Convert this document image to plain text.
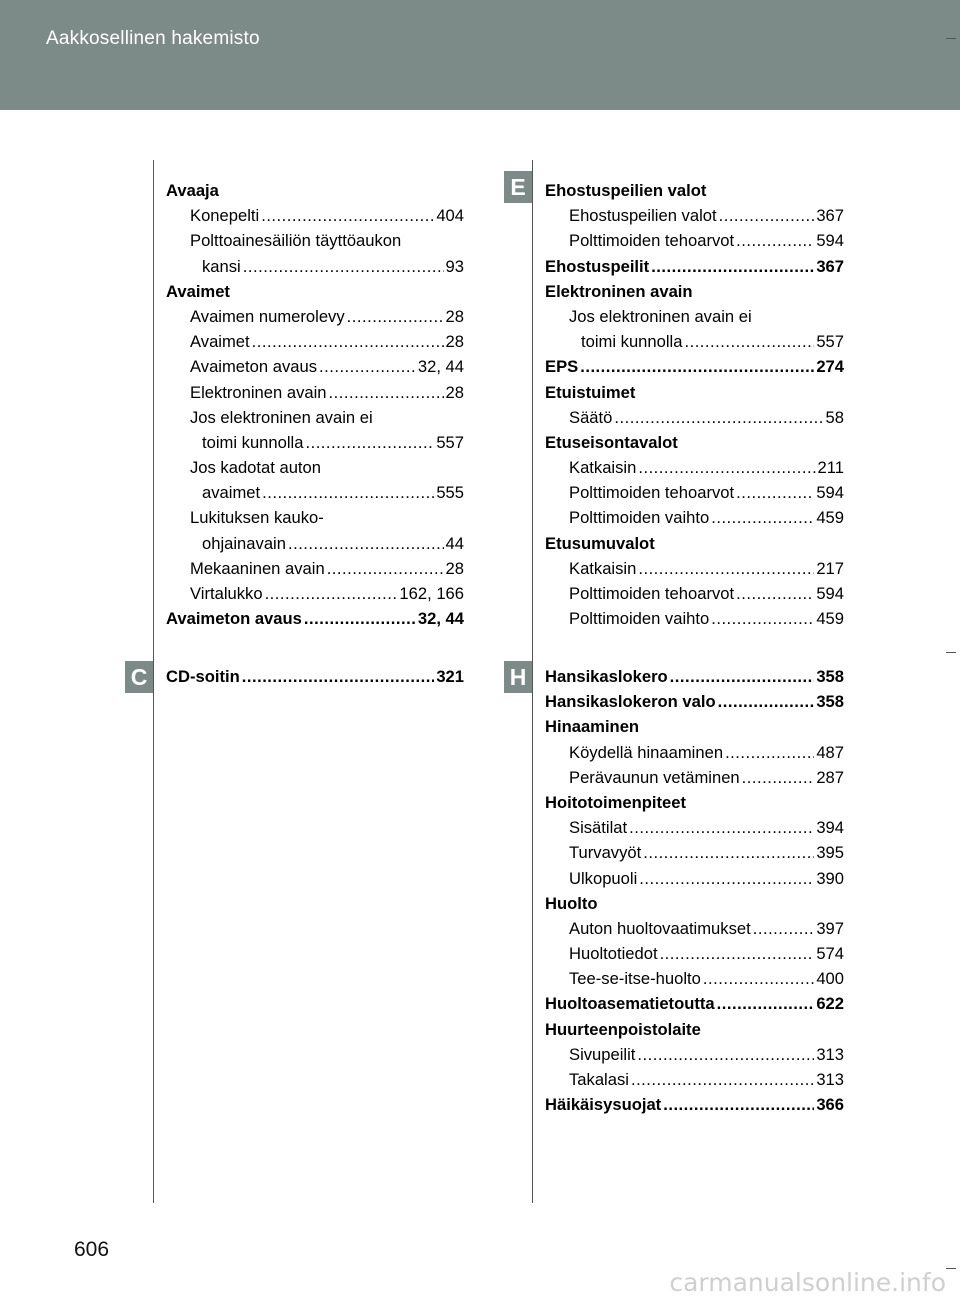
Aakkosellinen hakemisto
C
E
H
Avaaja
Konepelti .....	404
Polttoainesäiliön täyttöaukon
kansi .....	93
Avaimet
Avaimen numerolevy .....	28
Avaimet .....	28
Avaimeton avaus .....	32, 44
Elektroninen avain .....	28
Jos elektroninen avain ei
toimi kunnolla .....	557
Jos kadotat auton
avaimet .....	555
Lukituksen kauko-
ohjainavain .....	44
Mekaaninen avain .....	28
Virtalukko .....	162, 166
Avaimeton avaus .....	32, 44
CD-soitin .....	321
Ehostuspeilien valot
Ehostuspeilien valot .....	367
Polttimoiden tehoarvot .....	594
Ehostuspeilit .....	367
Elektroninen avain
Jos elektroninen avain ei
toimi kunnolla .....	557
EPS .....	274
Etuistuimet
Säätö .....	58
Etuseisontavalot
Katkaisin .....	211
Polttimoiden tehoarvot .....	594
Polttimoiden vaihto .....	459
Etusumuvalot
Katkaisin .....	217
Polttimoiden tehoarvot .....	594
Polttimoiden vaihto .....	459
Hansikaslokero .....	358
Hansikaslokeron valo .....	358
Hinaaminen
Köydellä hinaaminen .....	487
Perävaunun vetäminen .....	287
Hoitotoimenpiteet
Sisätilat .....	394
Turvavyöt .....	395
Ulkopuoli .....	390
Huolto
Auton huoltovaatimukset .....	397
Huoltotiedot .....	574
Tee-se-itse-huolto .....	400
Huoltoasematietoutta .....	622
Huurteenpoistolaite
Sivupeilit .....	313
Takalasi .....	313
Häikäisysuojat .....	366
606
carmanualsonline.info
